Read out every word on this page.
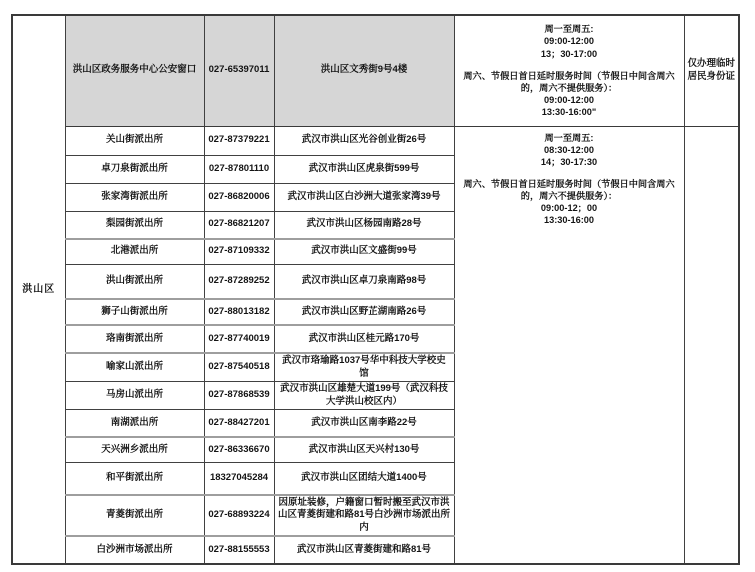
洪山区	洪山区政务服务中心公安窗口	027-65397011	洪山区文秀街9号4楼	
周一至周五:
09:00-12:00
13；30-17:00
周六、节假日首日延时服务时间（节假日中间含周六的，周六不提供服务）：
09:00-12:00
13:30-16:00"
	仅办理临时居民身份证
关山街派出所	027-87379221	武汉市洪山区光谷创业街26号	周一至周五:
08:30-12:00
14；30-17:30
周六、节假日首日延时服务时间（节假日中间含周六的，周六不提供服务）：
09:00-12；00
13:30-16:00

	卓刀泉街派出所	027-87801110	武汉市洪山区虎泉街599号		
	张家湾街派出所	027-86820006	武汉市洪山区白沙洲大道张家湾39号		
	梨园街派出所	027-86821207	武汉市洪山区杨园南路28号		
	北港派出所	027-87109332	武汉市洪山区文盛街99号		
	洪山街派出所	027-87289252	武汉市洪山区卓刀泉南路98号		
	狮子山街派出所	027-88013182	武汉市洪山区野芷湖南路26号		
	珞南街派出所	027-87740019	武汉市洪山区桂元路170号		
	喻家山派出所	027-87540518	武汉市珞瑜路1037号华中科技大学校史馆		
	马房山派出所	027-87868539	武汉市洪山区雄楚大道199号（武汉科技大学洪山校区内）		
	南湖派出所	027-88427201	武汉市洪山区南李路22号		
	天兴洲乡派出所	027-86336670	武汉市洪山区天兴村130号		
	和平街派出所	18327045284	武汉市洪山区团结大道1400号		
	青菱街派出所	027-68893224	因原址装修，户籍窗口暂时搬至武汉市洪山区青菱街建和路81号白沙洲市场派出所内		
	白沙洲市场派出所	027-88155553	武汉市洪山区青菱街建和路81号		
